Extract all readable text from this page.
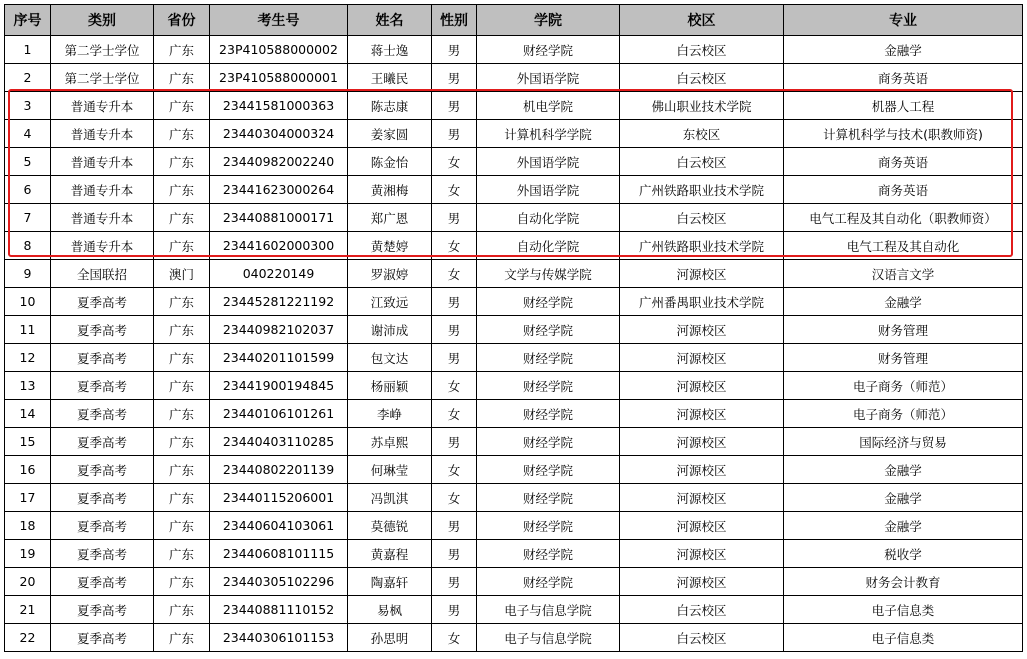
序号	类别	省份	考生号	姓名	性别	学院	校区	专业
1	第二学士学位	广东	23P410588000002	蒋士逸	男	财经学院	白云校区	金融学
2	第二学士学位	广东	23P410588000001	王曦民	男	外国语学院	白云校区	商务英语
3	普通专升本	广东	23441581000363	陈志康	男	机电学院	佛山职业技术学院	机器人工程
4	普通专升本	广东	23440304000324	姜家圆	男	计算机科学学院	东校区	计算机科学与技术(职教师资)
5	普通专升本	广东	23440982002240	陈金怡	女	外国语学院	白云校区	商务英语
6	普通专升本	广东	23441623000264	黄湘梅	女	外国语学院	广州铁路职业技术学院	商务英语
7	普通专升本	广东	23440881000171	郑广恩	男	自动化学院	白云校区	电气工程及其自动化（职教师资）
8	普通专升本	广东	23441602000300	黄楚婷	女	自动化学院	广州铁路职业技术学院	电气工程及其自动化
9	全国联招	澳门	040220149	罗淑婷	女	文学与传媒学院	河源校区	汉语言文学
10	夏季高考	广东	23445281221192	江致远	男	财经学院	广州番禺职业技术学院	金融学
11	夏季高考	广东	23440982102037	谢沛成	男	财经学院	河源校区	财务管理
12	夏季高考	广东	23440201101599	包文达	男	财经学院	河源校区	财务管理
13	夏季高考	广东	23441900194845	杨丽颖	女	财经学院	河源校区	电子商务（师范）
14	夏季高考	广东	23440106101261	李峥	女	财经学院	河源校区	电子商务（师范）
15	夏季高考	广东	23440403110285	苏卓熙	男	财经学院	河源校区	国际经济与贸易
16	夏季高考	广东	23440802201139	何琳莹	女	财经学院	河源校区	金融学
17	夏季高考	广东	23440115206001	冯凯淇	女	财经学院	河源校区	金融学
18	夏季高考	广东	23440604103061	莫德锐	男	财经学院	河源校区	金融学
19	夏季高考	广东	23440608101115	黄嘉程	男	财经学院	河源校区	税收学
20	夏季高考	广东	23440305102296	陶嘉轩	男	财经学院	河源校区	财务会计教育
21	夏季高考	广东	23440881110152	易枫	男	电子与信息学院	白云校区	电子信息类
22	夏季高考	广东	23440306101153	孙思明	女	电子与信息学院	白云校区	电子信息类
